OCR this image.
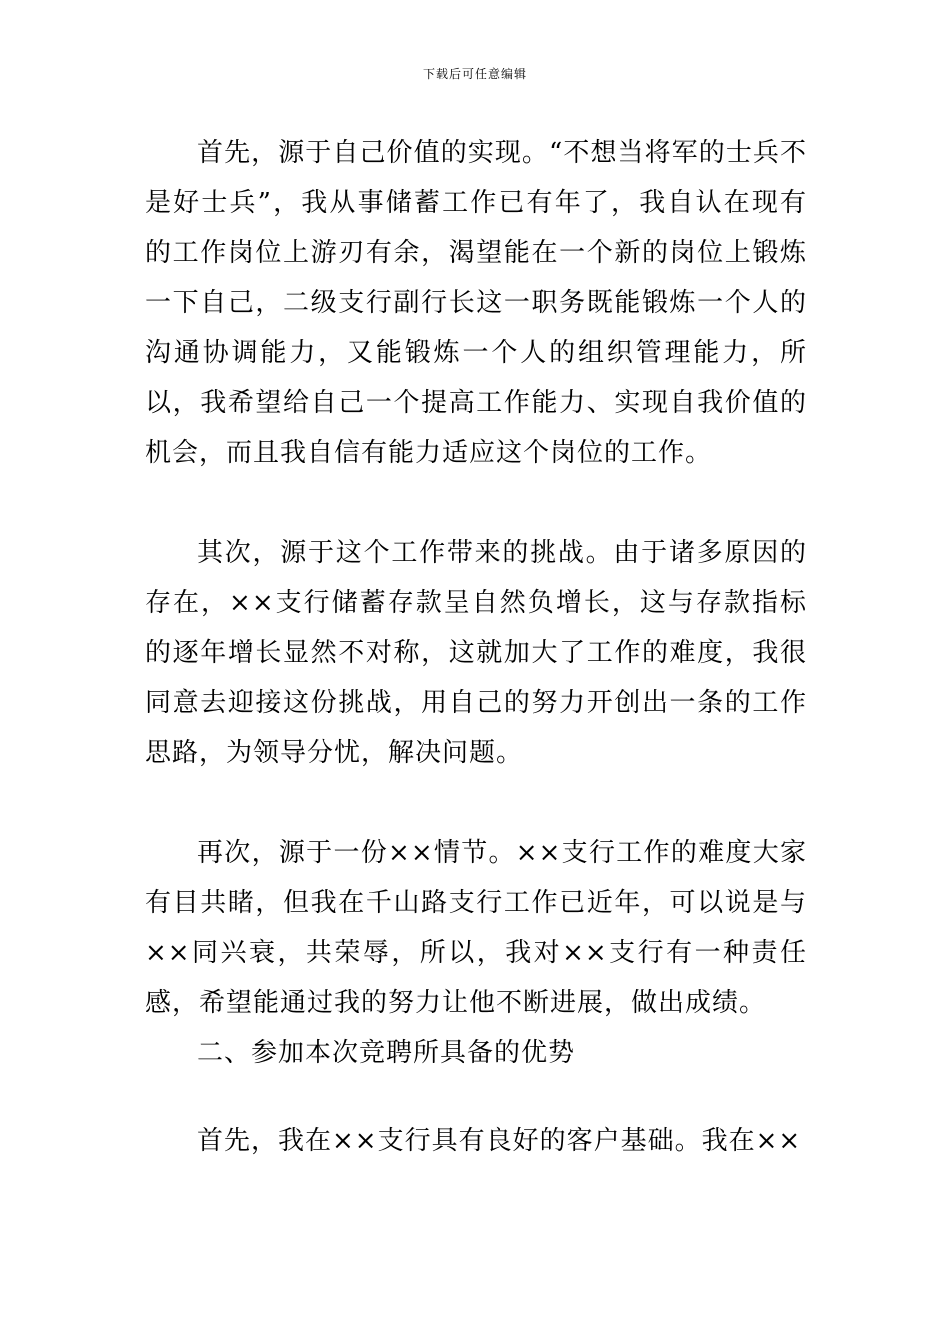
下载后可任意编辑

首先，源于自己价值的实现。“不想当将军的士兵不是好士兵”，我从事储蓄工作已有年了，我自认在现有的工作岗位上游刃有余，渴望能在一个新的岗位上锻炼一下自己，二级支行副行长这一职务既能锻炼一个人的沟通协调能力，又能锻炼一个人的组织管理能力，所以，我希望给自己一个提高工作能力、实现自我价值的机会，而且我自信有能力适应这个岗位的工作。

其次，源于这个工作带来的挑战。由于诸多原因的存在，××支行储蓄存款呈自然负增长，这与存款指标的逐年增长显然不对称，这就加大了工作的难度，我很同意去迎接这份挑战，用自己的努力开创出一条的工作思路，为领导分忧，解决问题。

再次，源于一份××情节。××支行工作的难度大家有目共睹，但我在千山路支行工作已近年，可以说是与××同兴衰，共荣辱，所以，我对××支行有一种责任感，希望能通过我的努力让他不断进展，做出成绩。

二、参加本次竞聘所具备的优势

首先，我在××支行具有良好的客户基础。我在××
